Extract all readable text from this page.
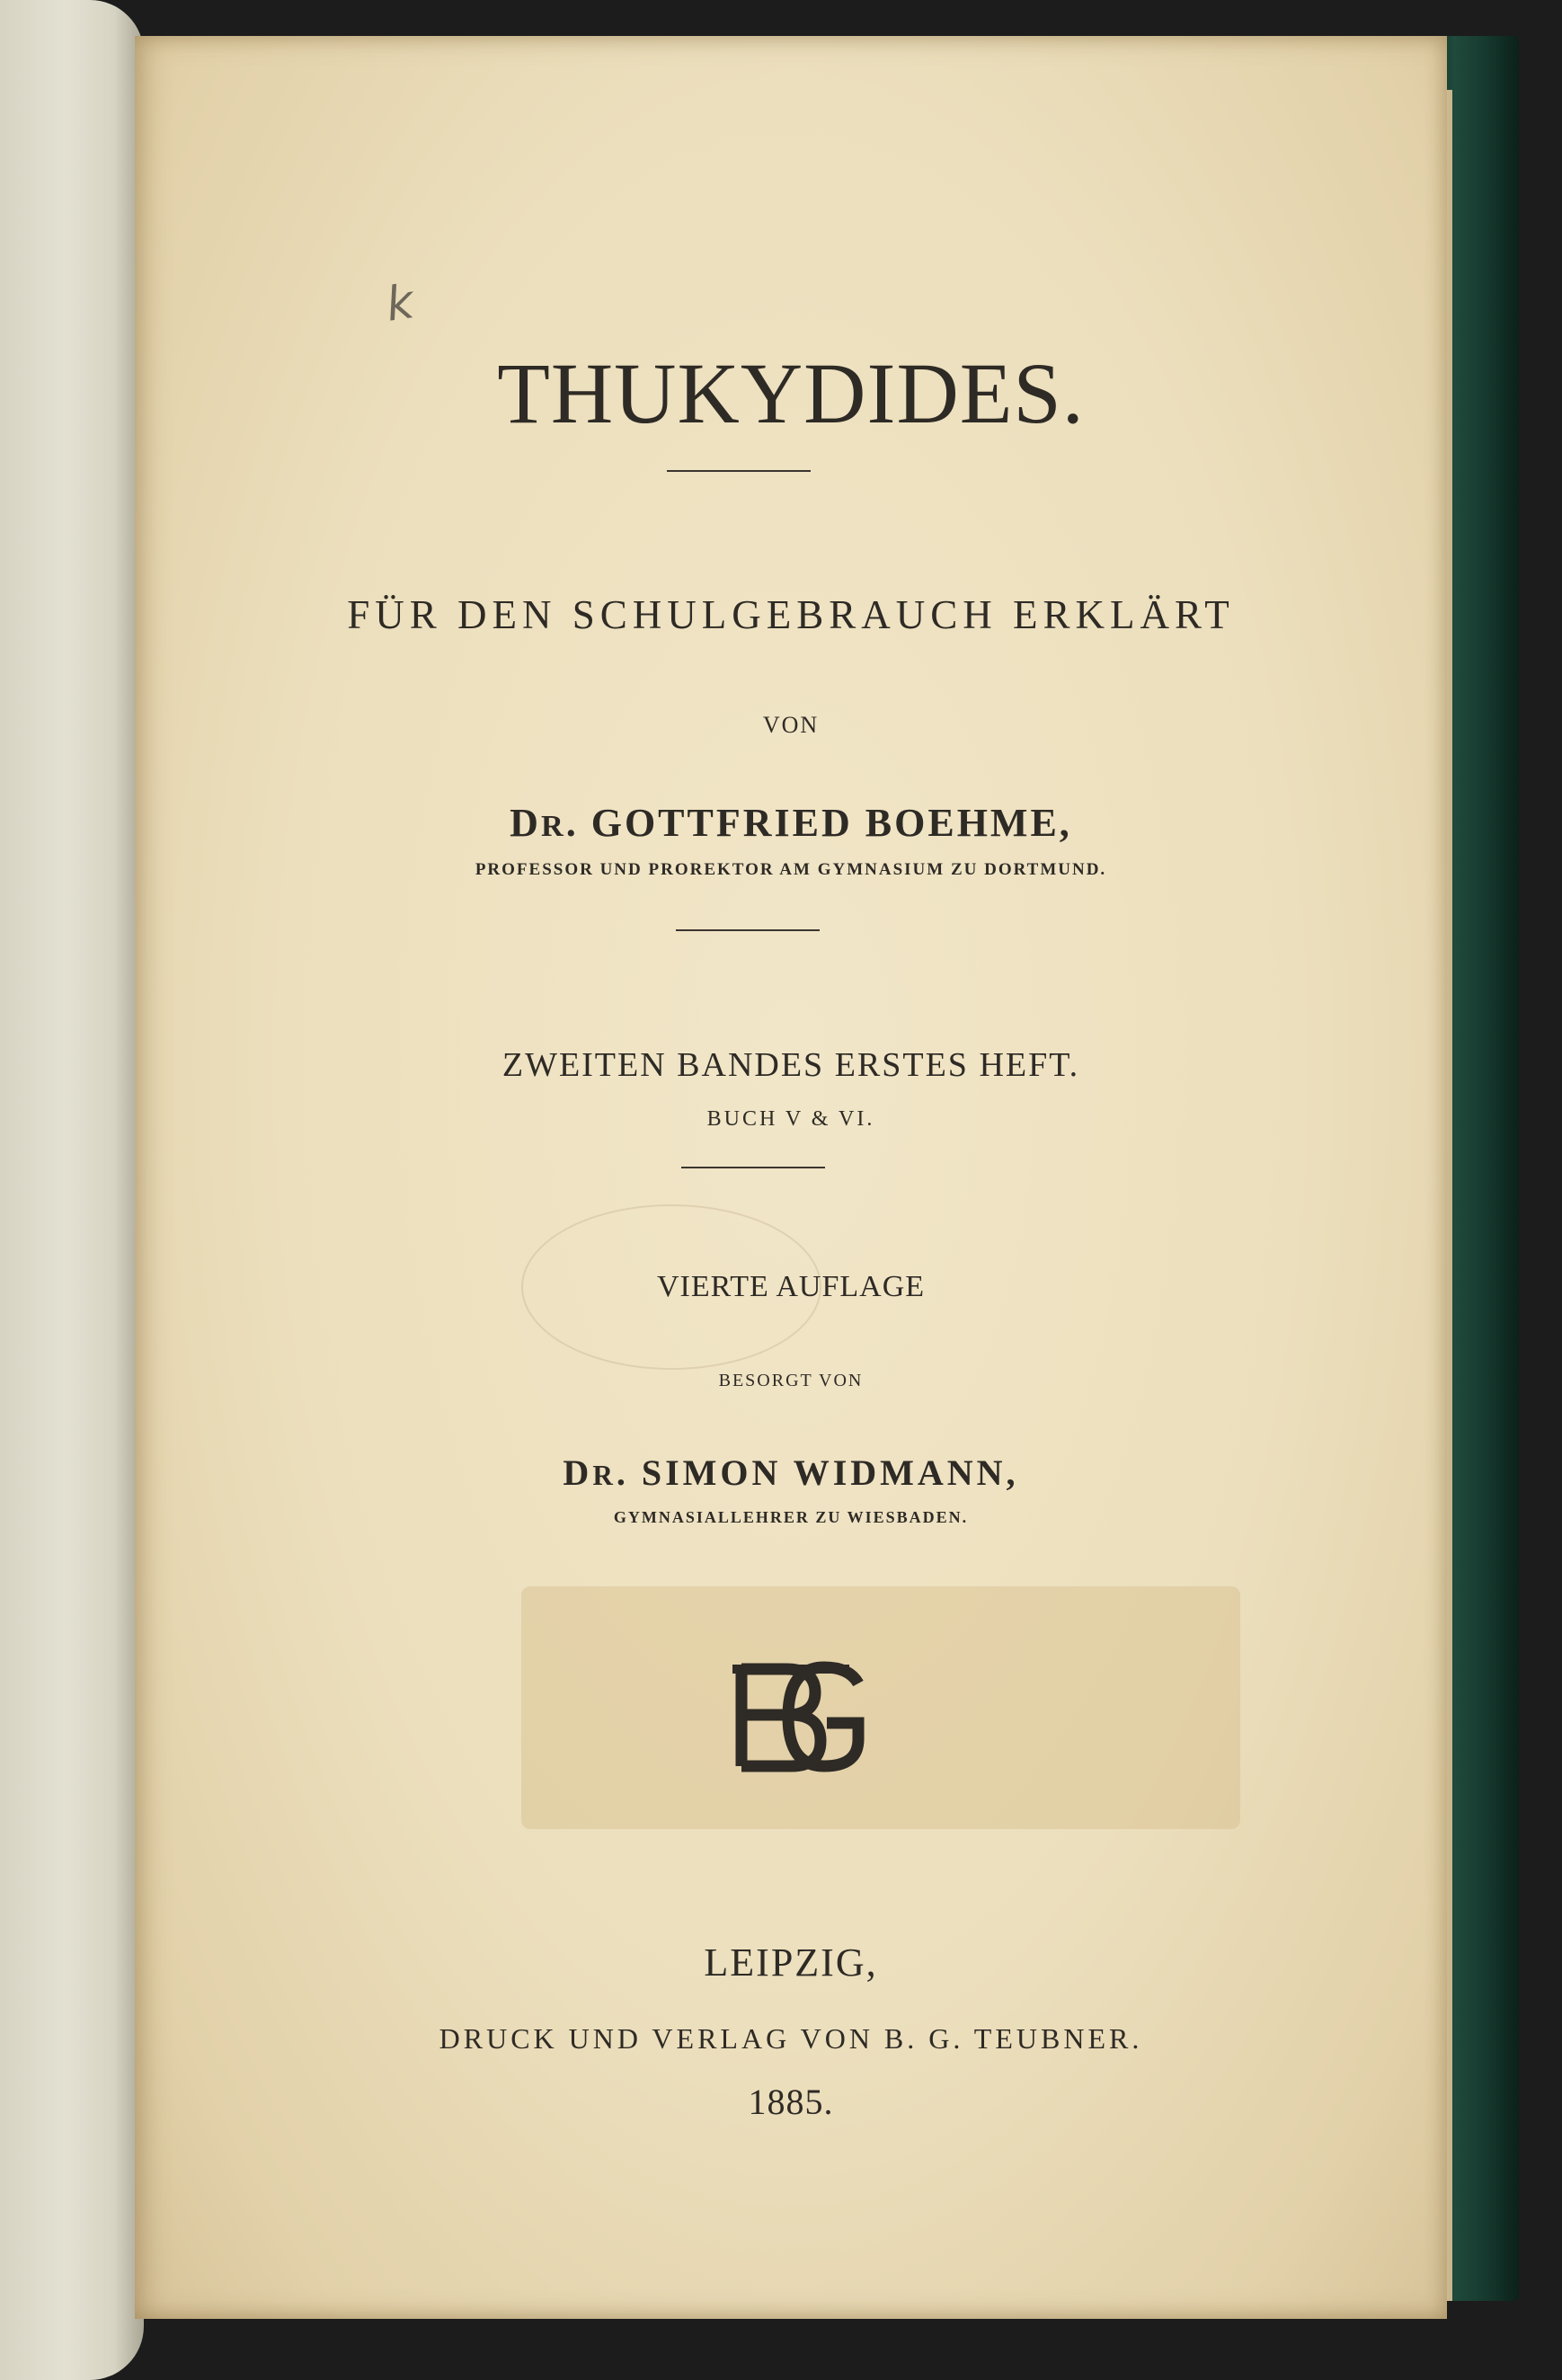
k
THUKYDIDES.

FÜR DEN SCHULGEBRAUCH ERKLÄRT

VON

DR. GOTTFRIED BOEHME,

PROFESSOR UND PROREKTOR AM GYMNASIUM ZU DORTMUND.

ZWEITEN BANDES ERSTES HEFT.

BUCH V & VI.

VIERTE AUFLAGE

BESORGT VON

DR. SIMON WIDMANN,

GYMNASIALLEHRER ZU WIESBADEN.

LEIPZIG,

DRUCK UND VERLAG VON B. G. TEUBNER.

1885.
